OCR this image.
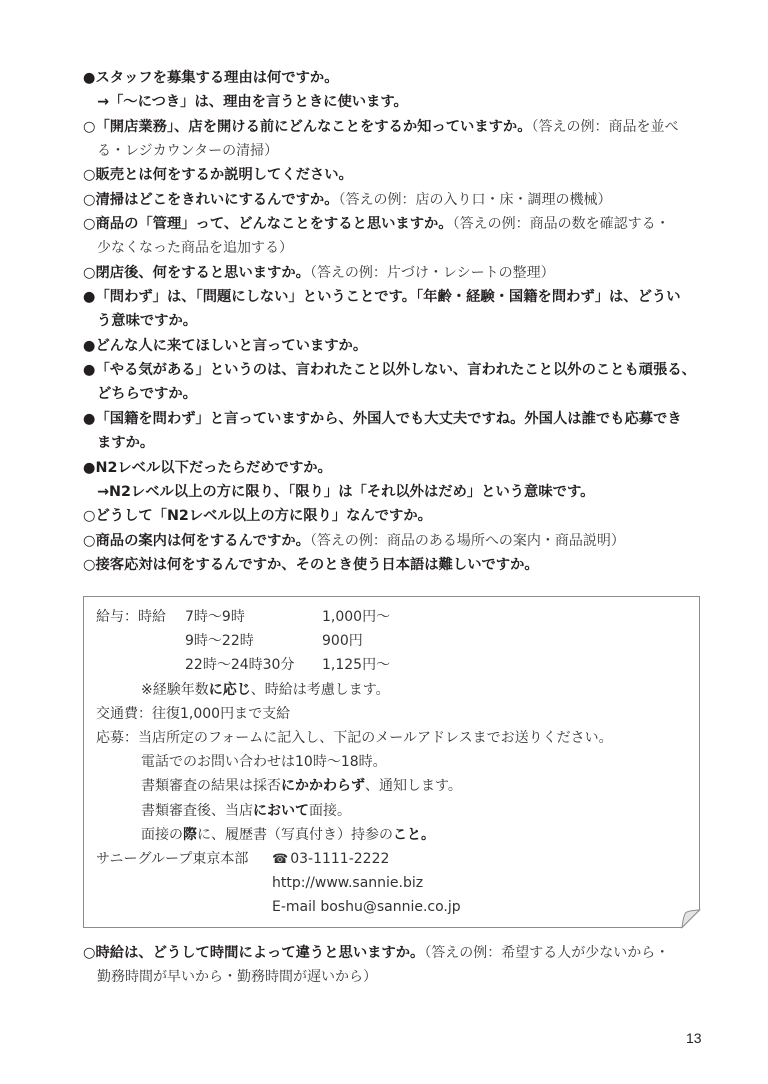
●スタッフを募集する理由は何ですか。
→「〜につき」は、理由を言うときに使います。
○「開店業務」、店を開ける前にどんなことをするか知っていますか。（答えの例：商品を並べ
る・レジカウンターの清掃）
○販売とは何をするか説明してください。
○清掃はどこをきれいにするんですか。（答えの例：店の入り口・床・調理の機械）
○商品の「管理」って、どんなことをすると思いますか。（答えの例：商品の数を確認する・
少なくなった商品を追加する）
○閉店後、何をすると思いますか。（答えの例：片づけ・レシートの整理）
●「問わず」は、「問題にしない」ということです。「年齢・経験・国籍を問わず」は、どうい
う意味ですか。
●どんな人に来てほしいと言っていますか。
●「やる気がある」というのは、言われたこと以外しない、言われたこと以外のことも頑張る、
どちらですか。
●「国籍を問わず」と言っていますから、外国人でも大丈夫ですね。外国人は誰でも応募でき
ますか。
●N2レベル以下だったらだめですか。
→N2レベル以上の方に限り、「限り」は「それ以外はだめ」という意味です。
○どうして「N2レベル以上の方に限り」なんですか。
○商品の案内は何をするんですか。（答えの例：商品のある場所への案内・商品説明）
○接客応対は何をするんですか、そのとき使う日本語は難しいですか。
給与：時給 7時〜9時	1,000円〜
9時〜22時	900円
22時〜24時30分 1,125円〜
※経験年数に応じ、時給は考慮します。
交通費：往復1,000円まで支給
応募：当店所定のフォームに記入し、下記のメールアドレスまでお送りください。
電話でのお問い合わせは10時〜18時。
書類審査の結果は採否にかかわらず、通知します。
書類審査後、当店において面接。
面接の際に、履歴書（写真付き）持参のこと。
サニーグループ東京本部
☎	03-1111-2222
http://www.sannie.biz
E-mail boshu@sannie.co.jp
○時給は、どうして時間によって違うと思いますか。（答えの例：希望する人が少ないから・
勤務時間が早いから・勤務時間が遅いから）
13
